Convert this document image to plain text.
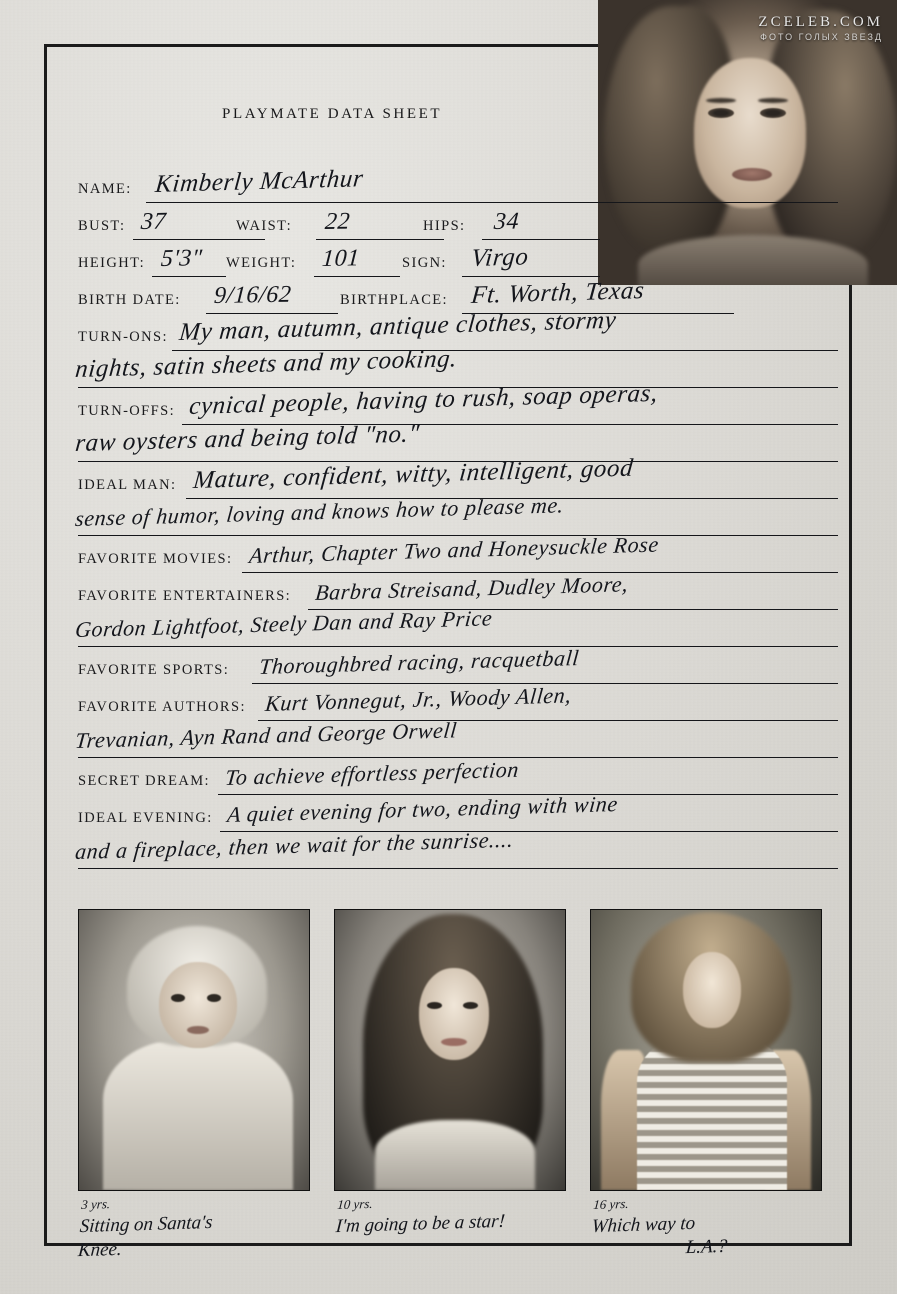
ZCELEB.COM
ФОТО ГОЛЫХ ЗВЕЗД
PLAYMATE DATA SHEET
NAME: Kimberly McArthur
BUST: 37	WAIST: 22	HIPS: 34
HEIGHT: 5'3" WEIGHT: 101	SIGN: Virgo
BIRTH DATE: 9/16/62	BIRTHPLACE: Ft. Worth, Texas
TURN-ONS: My man, autumn, antique clothes, stormy
nights, satin sheets and my cooking.
TURN-OFFS: cynical people, having to rush, soap operas,
raw oysters and being told "no."
IDEAL MAN: Mature, confident, witty, intelligent, good
sense of humor, loving and knows how to please me.
FAVORITE MOVIES: Arthur, Chapter Two and Honeysuckle Rose
FAVORITE ENTERTAINERS: Barbra Streisand, Dudley Moore,
Gordon Lightfoot, Steely Dan and Ray Price
FAVORITE SPORTS: Thoroughbred racing, racquetball
FAVORITE AUTHORS: Kurt Vonnegut, Jr., Woody Allen,
Trevanian, Ayn Rand and George Orwell
SECRET DREAM: To achieve effortless perfection
IDEAL EVENING: A quiet evening for two, ending with wine
and a fireplace, then we wait for the sunrise....
3 yrs.
Sitting on Santa's
Knee.
10 yrs.
I'm going to be a star!
16 yrs.
Which way to
L.A.?
